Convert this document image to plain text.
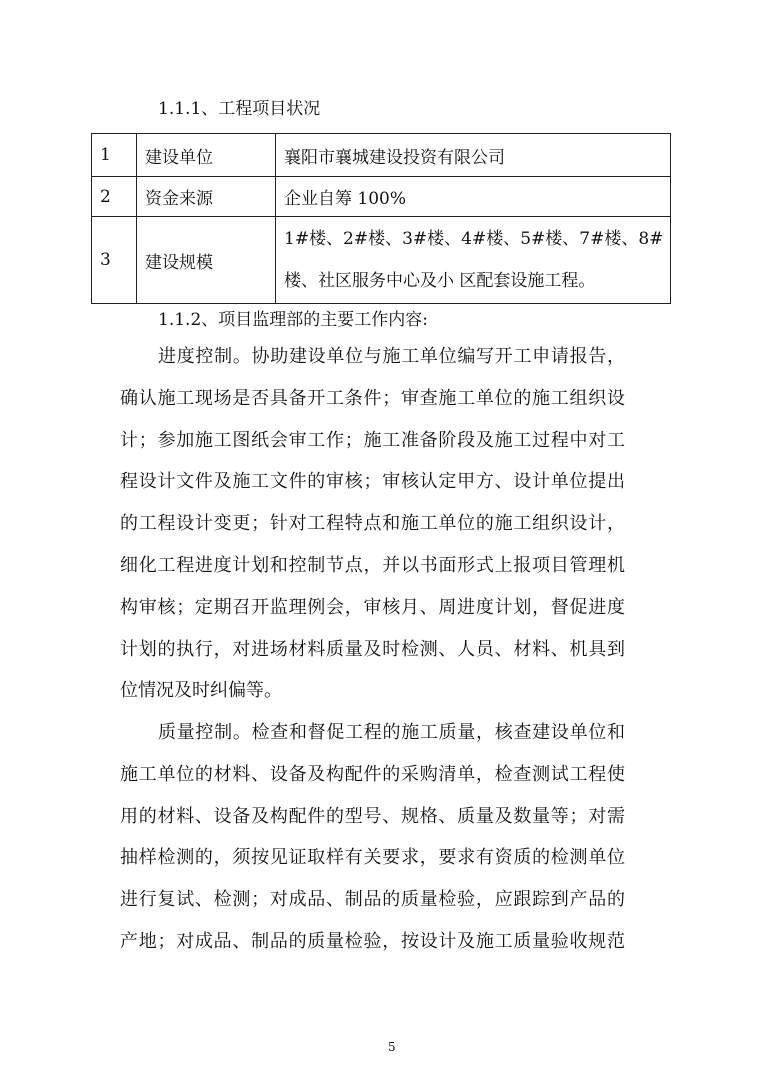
1.1.1、工程项目状况
1	建设单位	襄阳市襄城建设投资有限公司
2	资金来源	企业自筹 100%
3	建设规模	1#楼、2#楼、3#楼、4#楼、5#楼、7#楼、8#
楼、社区服务中心及小 区配套设施工程。
1.1.2、项目监理部的主要工作内容:
进度控制。协助建设单位与施工单位编写开工申请报告，
确认施工现场是否具备开工条件；审查施工单位的施工组织设
计；参加施工图纸会审工作；施工准备阶段及施工过程中对工
程设计文件及施工文件的审核；审核认定甲方、设计单位提出
的工程设计变更；针对工程特点和施工单位的施工组织设计，
细化工程进度计划和控制节点，并以书面形式上报项目管理机
构审核；定期召开监理例会，审核月、周进度计划，督促进度
计划的执行，对进场材料质量及时检测、人员、材料、机具到
位情况及时纠偏等。
质量控制。检查和督促工程的施工质量，核查建设单位和
施工单位的材料、设备及构配件的采购清单，检查测试工程使
用的材料、设备及构配件的型号、规格、质量及数量等；对需
抽样检测的，须按见证取样有关要求，要求有资质的检测单位
进行复试、检测；对成品、制品的质量检验，应跟踪到产品的
产地；对成品、制品的质量检验，按设计及施工质量验收规范
5
